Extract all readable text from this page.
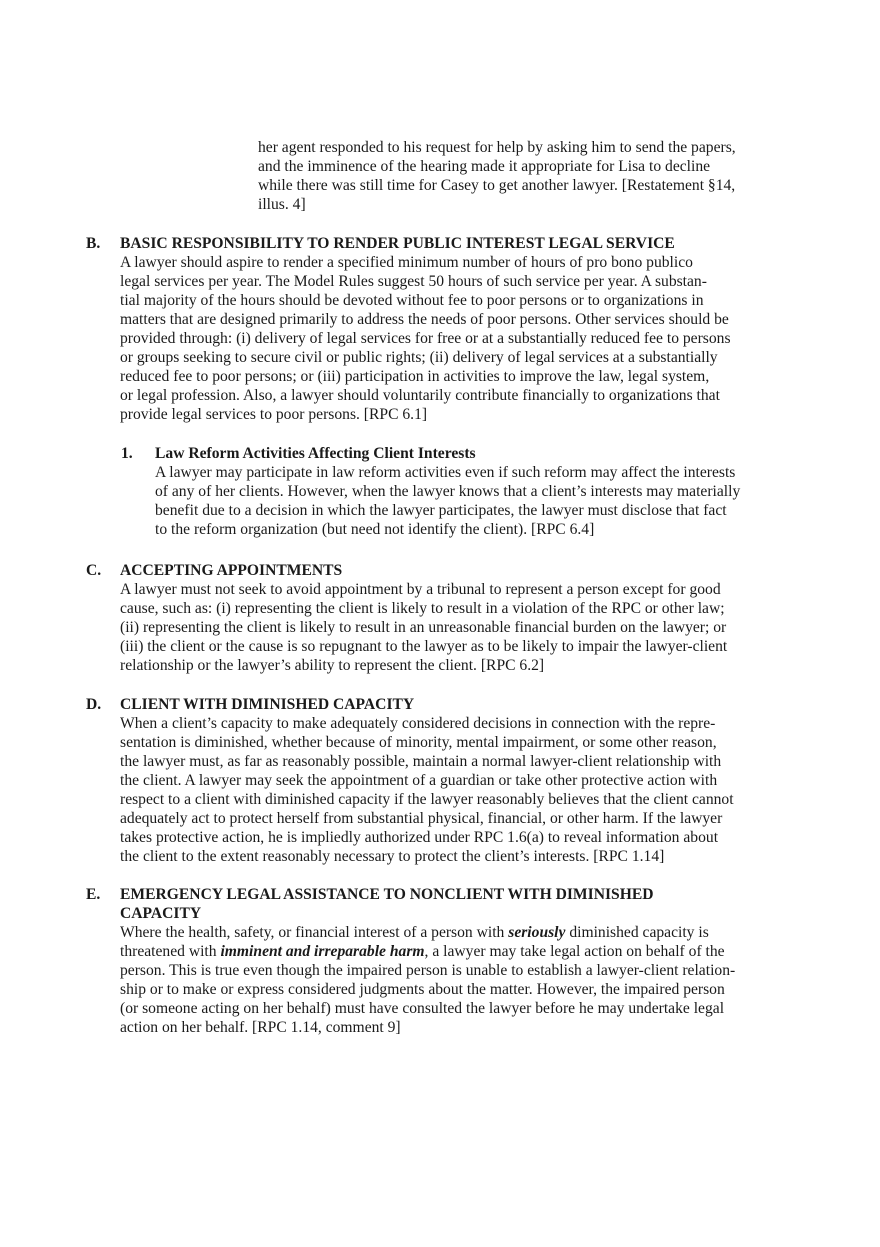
her agent responded to his request for help by asking him to send the papers,
and the imminence of the hearing made it appropriate for Lisa to decline
while there was still time for Casey to get another lawyer. [Restatement §14,
illus. 4]
B. BASIC RESPONSIBILITY TO RENDER PUBLIC INTEREST LEGAL SERVICE
A lawyer should aspire to render a specified minimum number of hours of pro bono publico
legal services per year. The Model Rules suggest 50 hours of such service per year. A substan-
tial majority of the hours should be devoted without fee to poor persons or to organizations in
matters that are designed primarily to address the needs of poor persons. Other services should be
provided through: (i) delivery of legal services for free or at a substantially reduced fee to persons
or groups seeking to secure civil or public rights; (ii) delivery of legal services at a substantially
reduced fee to poor persons; or (iii) participation in activities to improve the law, legal system,
or legal profession. Also, a lawyer should voluntarily contribute financially to organizations that
provide legal services to poor persons. [RPC 6.1]
1. Law Reform Activities Affecting Client Interests
A lawyer may participate in law reform activities even if such reform may affect the interests
of any of her clients. However, when the lawyer knows that a client’s interests may materially
benefit due to a decision in which the lawyer participates, the lawyer must disclose that fact
to the reform organization (but need not identify the client). [RPC 6.4]
C. ACCEPTING APPOINTMENTS
A lawyer must not seek to avoid appointment by a tribunal to represent a person except for good
cause, such as: (i) representing the client is likely to result in a violation of the RPC or other law;
(ii) representing the client is likely to result in an unreasonable financial burden on the lawyer; or
(iii) the client or the cause is so repugnant to the lawyer as to be likely to impair the lawyer-client
relationship or the lawyer’s ability to represent the client. [RPC 6.2]
D. CLIENT WITH DIMINISHED CAPACITY
When a client’s capacity to make adequately considered decisions in connection with the repre-
sentation is diminished, whether because of minority, mental impairment, or some other reason,
the lawyer must, as far as reasonably possible, maintain a normal lawyer-client relationship with
the client. A lawyer may seek the appointment of a guardian or take other protective action with
respect to a client with diminished capacity if the lawyer reasonably believes that the client cannot
adequately act to protect herself from substantial physical, financial, or other harm. If the lawyer
takes protective action, he is impliedly authorized under RPC 1.6(a) to reveal information about
the client to the extent reasonably necessary to protect the client’s interests. [RPC 1.14]
E. EMERGENCY LEGAL ASSISTANCE TO NONCLIENT WITH DIMINISHED
CAPACITY
Where the health, safety, or financial interest of a person with seriously diminished capacity is
threatened with imminent and irreparable harm, a lawyer may take legal action on behalf of the
person. This is true even though the impaired person is unable to establish a lawyer-client relation-
ship or to make or express considered judgments about the matter. However, the impaired person
(or someone acting on her behalf) must have consulted the lawyer before he may undertake legal
action on her behalf. [RPC 1.14, comment 9]
